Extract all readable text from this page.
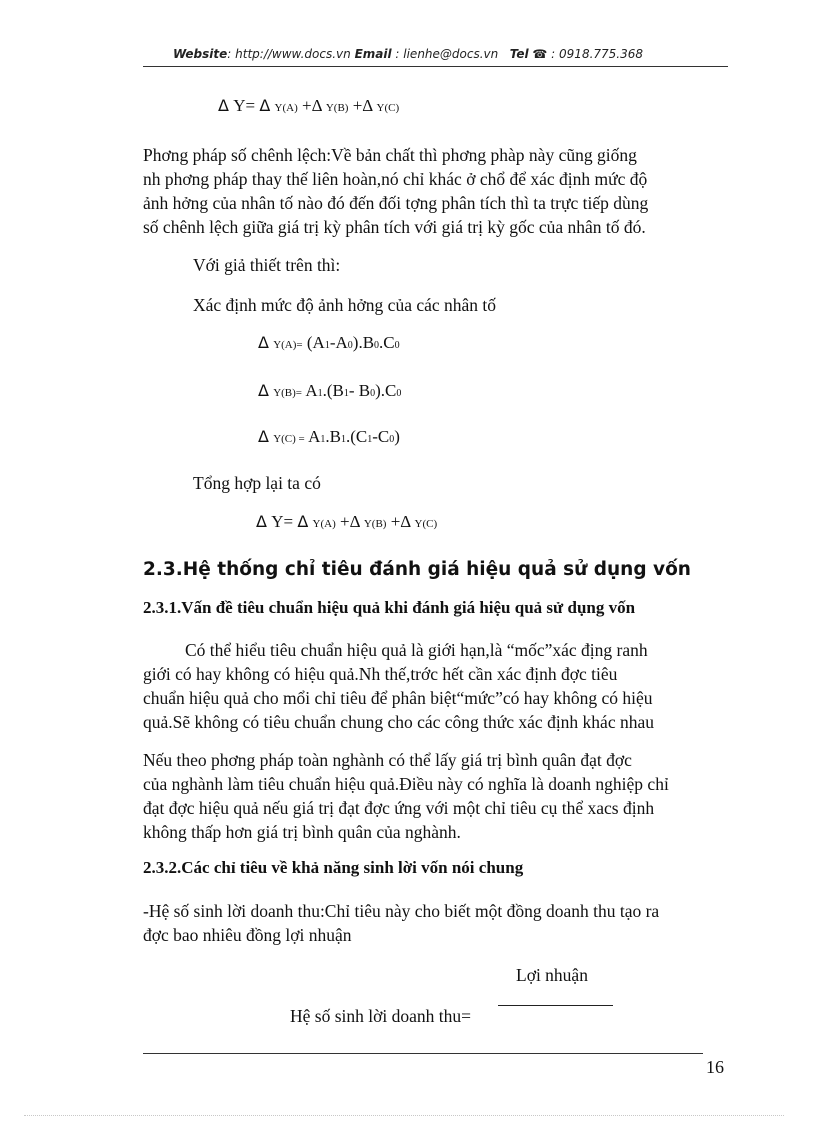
Website: http://www.docs.vn Email : lienhe@docs.vn Tel ☎ : 0918.775.368
Δ Y= Δ Y(A) +Δ Y(B) +Δ Y(C)
Phơng pháp số chênh lệch:Về bản chất thì phơng phàp này cũng giống
nh phơng pháp thay thế liên hoàn,nó chỉ khác ở chổ để xác định mức độ
ảnh hởng của nhân tố nào đó đến đối tợng phân tích thì ta trực tiếp dùng
số chênh lệch giữa giá trị kỳ phân tích với giá trị kỳ gốc của nhân tố đó.
Với giả thiết trên thì:
Xác định mức độ ảnh hởng của các nhân tố
Δ Y(A)= (A1-A0).B0.C0
Δ Y(B)= A1.(B1- B0).C0
Δ Y(C) = A1.B1.(C1-C0)
Tổng hợp lại ta có
Δ Y= Δ Y(A) +Δ Y(B) +Δ Y(C)
2.3.Hệ thống chỉ tiêu đánh giá hiệu quả sử dụng vốn
2.3.1.Vấn đề tiêu chuẩn hiệu quả khi đánh giá hiệu quả sử dụng vốn
Có thể hiểu tiêu chuẩn hiệu quả là giới hạn,là “mốc”xác địng ranh
giới có hay không có hiệu quả.Nh thế,trớc hết cần xác định đợc tiêu
chuẩn hiệu quả cho mổi chỉ tiêu để phân biệt“mức”có hay không có hiệu
quả.Sẽ không có tiêu chuẩn chung cho các công thức xác định khác nhau
Nếu theo phơng pháp toàn nghành có thể lấy giá trị bình quân đạt đợc
của nghành làm tiêu chuẩn hiệu quả.Điều này có nghĩa là doanh nghiệp chỉ
đạt đợc hiệu quả nếu giá trị đạt đợc ứng với một chỉ tiêu cụ thể xacs định
không thấp hơn giá trị bình quân của nghành.
2.3.2.Các chỉ tiêu về khả năng sinh lời vốn nói chung
-Hệ số sinh lời doanh thu:Chỉ tiêu này cho biết một đồng doanh thu tạo ra
đợc bao nhiêu đồng lợi nhuận
Lợi nhuận
Hệ số sinh lời doanh thu=
16
